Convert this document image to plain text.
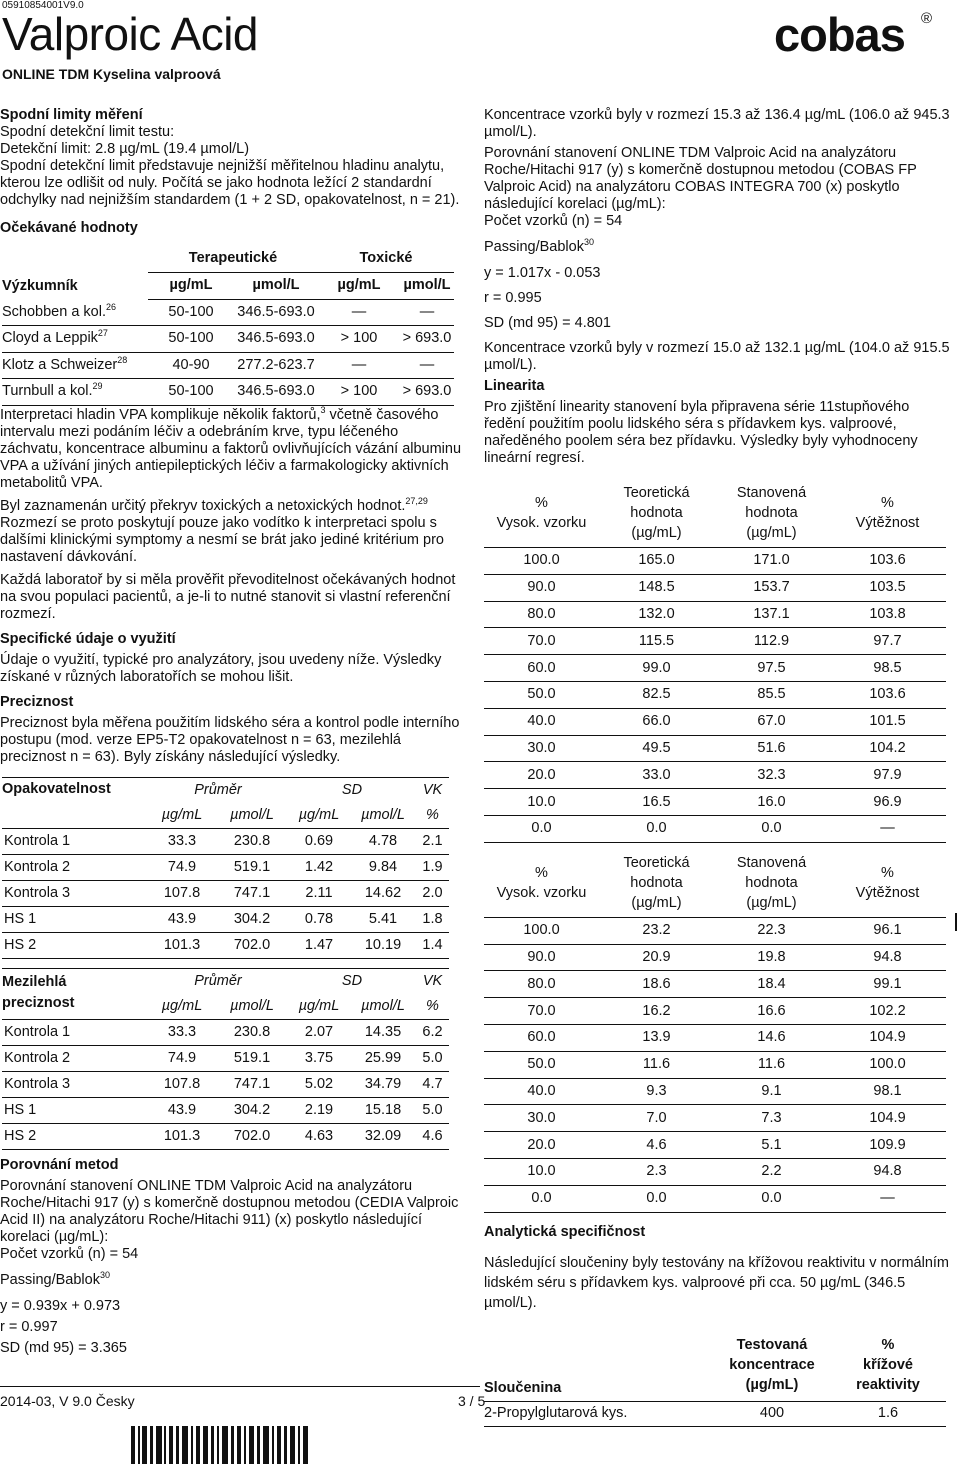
05910854001V9.0
Valproic Acid
ONLINE TDM Kyselina valproová
cobas ®
Spodní limity měření

Spodní detekční limit testu:

Detekční limit: 2.8 µg/mL (19.4 µmol/L)

Spodní detekční limit představuje nejnižší měřitelnou hladinu analytu, kterou lze odlišit od nuly. Počítá se jako hodnota ležící 2 standardní odchylky nad nejnižším standardem (1 + 2 SD, opakovatelnost, n = 21).

Očekávané hodnoty
Výzkumník	Terapeutické		Toxické	
	µg/mL	µmol/L	µg/mL	µmol/L
Schobben a kol.$^{26}$	50-100	346.5-693.0	—	—
Cloyd a Leppik$^{27}$	50-100	346.5-693.0	> 100	> 693.0
Klotz a Schweizer$^{28}$	40-90	277.2-623.7	—	—
Turnbull a kol.$^{29}$	50-100	346.5-693.0	> 100	> 693.0

Interpretaci hladin VPA komplikuje několik faktorů,$^3$ včetně časového intervalu mezi podáním léčiv a odebráním krve, typu léčeného záchvatu, koncentrace albuminu a faktorů ovlivňujících vázání albuminu VPA a užívání jiných antiepileptických léčiv a farmakologicky aktivních metabolitů VPA.

Byl zaznamenán určitý překryv toxických a netoxických hodnot.$^{27,29}$ Rozmezí se proto poskytují pouze jako vodítko k interpretaci spolu s dalšími klinickými symptomy a nesmí se brát jako jediné kritérium pro nastavení dávkování.

Každá laboratoř by si měla prověřit převoditelnost očekávaných hodnot na svou populaci pacientů, a je-li to nutné stanovit si vlastní referenční rozmezí.

Specifické údaje o využití

Údaje o využití, typické pro analyzátory, jsou uvedeny níže. Výsledky získané v různých laboratořích se mohou lišit.

Preciznost

Preciznost byla měřena použitím lidského séra a kontrol podle interního postupu (mod. verze EP5-T2 opakovatelnost n = 63, mezilehlá preciznost n = 63). Byly získány následující výsledky.

Opakovatelnost	Průměr		SD		VK
	µg/mL	µmol/L	µg/mL	µmol/L	%
Kontrola 1	33.3	230.8	0.69	4.78	2.1
Kontrola 2	74.9	519.1	1.42	9.84	1.9
Kontrola 3	107.8	747.1	2.11	14.62	2.0
HS 1	43.9	304.2	0.78	5.41	1.8
HS 2	101.3	702.0	1.47	10.19	1.4
Mezilehlá
preciznost	Průměr		SD		VK
	µg/mL	µmol/L	µg/mL	µmol/L	%
Kontrola 1	33.3	230.8	2.07	14.35	6.2
Kontrola 2	74.9	519.1	3.75	25.99	5.0
Kontrola 3	107.8	747.1	5.02	34.79	4.7
HS 1	43.9	304.2	2.19	15.18	5.0
HS 2	101.3	702.0	4.63	32.09	4.6
Porovnání metod

Porovnání stanovení ONLINE TDM Valproic Acid na analyzátoru Roche/Hitachi 917 (y) s komerčně dostupnou metodou (CEDIA Valproic Acid II) na analyzátoru Roche/Hitachi 911) (x) poskytlo následující korelaci (µg/mL):

Počet vzorků (n) = 54

Passing/Bablok$^{30}$

y = 0.939x + 0.973

r = 0.997

SD (md 95) = 3.365

Koncentrace vzorků byly v rozmezí 15.3 až 136.4 µg/mL (106.0 až 945.3 µmol/L).

Porovnání stanovení ONLINE TDM Valproic Acid na analyzátoru Roche/Hitachi 917 (y) s komerčně dostupnou metodou (COBAS FP Valproic Acid) na analyzátoru COBAS INTEGRA 700 (x) poskytlo následující korelaci (µg/mL):

Počet vzorků (n) = 54

Passing/Bablok$^{30}$

y = 1.017x - 0.053

r = 0.995

SD (md 95) = 4.801

Koncentrace vzorků byly v rozmezí 15.0 až 132.1 µg/mL (104.0 až 915.5 µmol/L).

Linearita

Pro zjištění linearity stanovení byla připravena série 11stupňového ředění použitím poolu lidského séra s přídavkem kys. valproové, naředěného poolem séra bez přídavku. Výsledky byly vyhodnoceny lineární regresí.

%
Vysok. vzorku	Teoretická
hodnota
(µg/mL)	Stanovená
hodnota
(µg/mL)	%
Výtěžnost
100.0	165.0	171.0	103.6
90.0	148.5	153.7	103.5
80.0	132.0	137.1	103.8
70.0	115.5	112.9	97.7
60.0	99.0	97.5	98.5
50.0	82.5	85.5	103.6
40.0	66.0	67.0	101.5
30.0	49.5	51.6	104.2
20.0	33.0	32.3	97.9
10.0	16.5	16.0	96.9
0.0	0.0	0.0	—
%
Vysok. vzorku	Teoretická
hodnota
(µg/mL)	Stanovená
hodnota
(µg/mL)	%
Výtěžnost
100.0	23.2	22.3	96.1
90.0	20.9	19.8	94.8
80.0	18.6	18.4	99.1
70.0	16.2	16.6	102.2
60.0	13.9	14.6	104.9
50.0	11.6	11.6	100.0
40.0	9.3	9.1	98.1
30.0	7.0	7.3	104.9
20.0	4.6	5.1	109.9
10.0	2.3	2.2	94.8
0.0	0.0	0.0	—
Analytická specifičnost

Následující sloučeniny byly testovány na křížovou reaktivitu v normálním lidském séru s přídavkem kys. valproové při cca. 50 µg/mL (346.5 µmol/L).

Sloučenina	Testovaná
koncentrace
(µg/mL)	%
křížové
reaktivity
2-Propylglutarová kys.	400	1.6
2014-03, V 9.0 Česky	3 / 5
